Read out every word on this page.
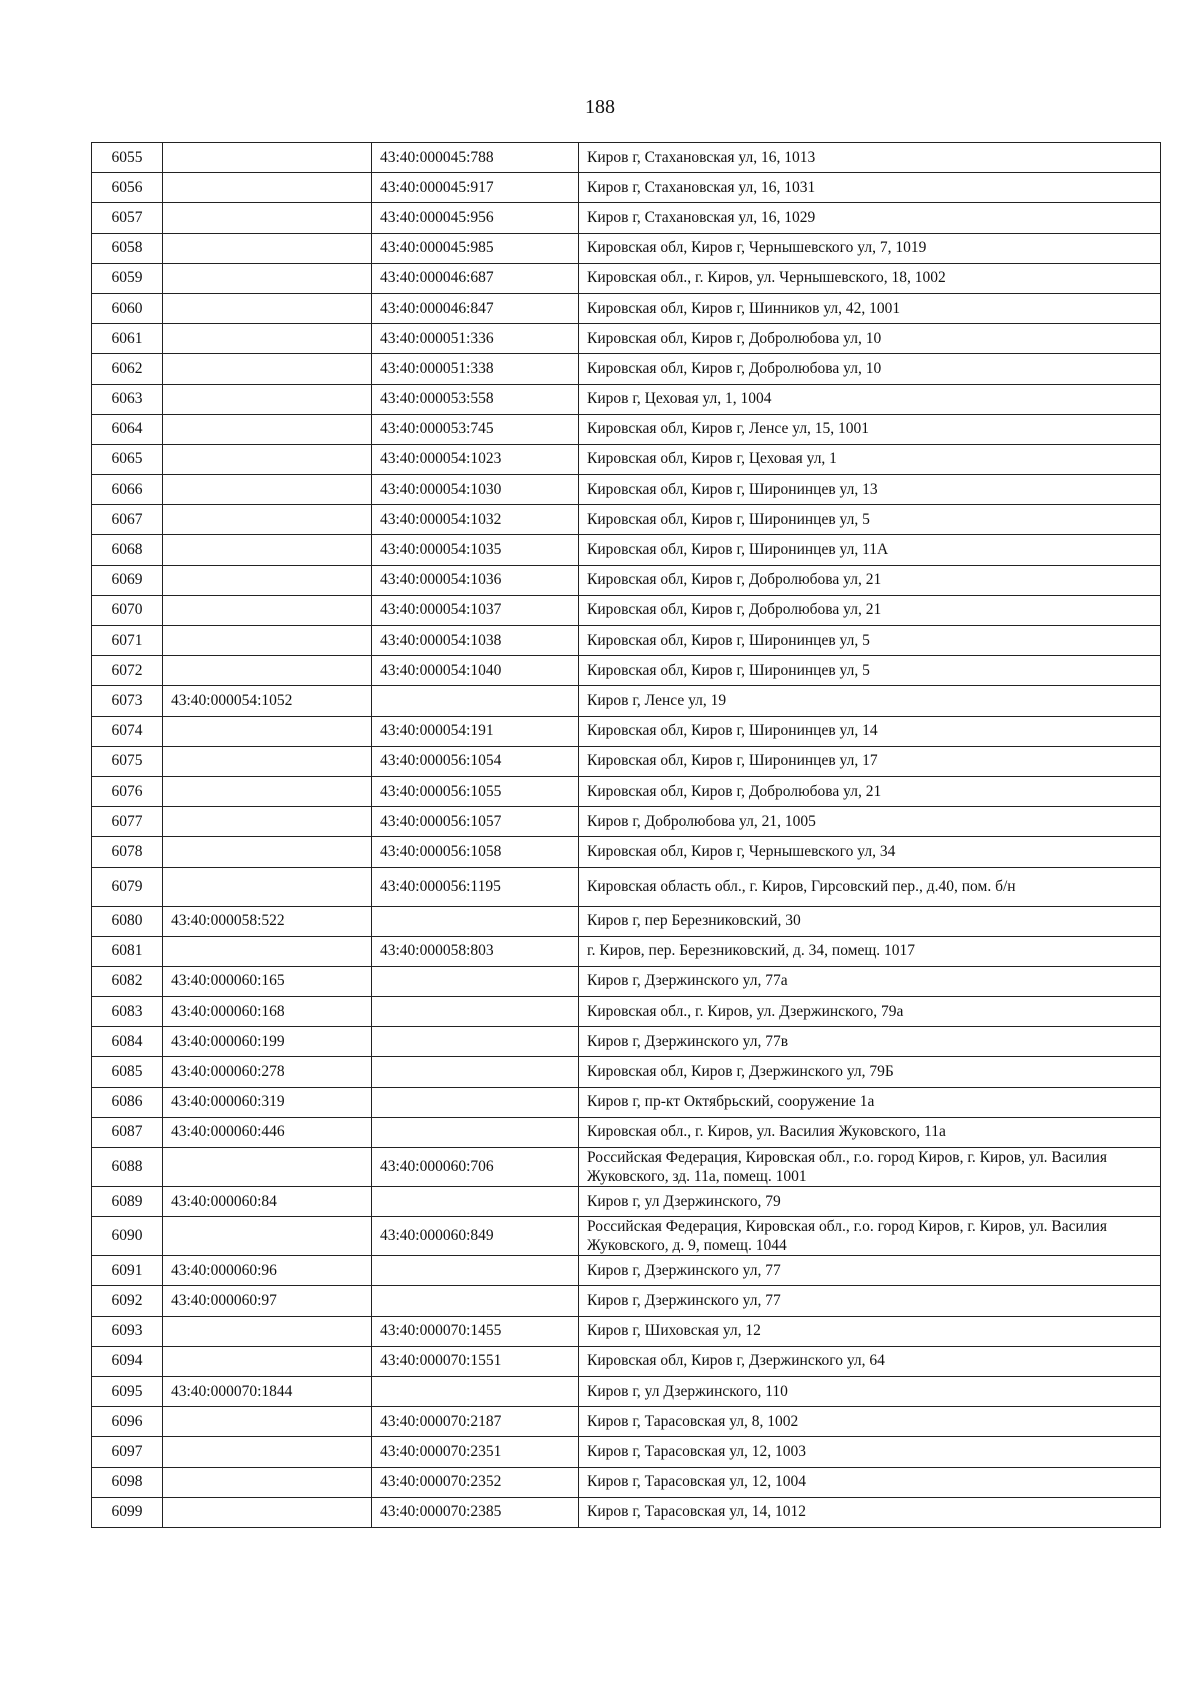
188
6055		43:40:000045:788	Киров г, Стахановская ул, 16, 1013
6056		43:40:000045:917	Киров г, Стахановская ул, 16, 1031
6057		43:40:000045:956	Киров г, Стахановская ул, 16, 1029
6058		43:40:000045:985	Кировская обл, Киров г, Чернышевского ул, 7, 1019
6059		43:40:000046:687	Кировская обл., г. Киров, ул. Чернышевского, 18, 1002
6060		43:40:000046:847	Кировская обл, Киров г, Шинников ул, 42, 1001
6061		43:40:000051:336	Кировская обл, Киров г, Добролюбова ул, 10
6062		43:40:000051:338	Кировская обл, Киров г, Добролюбова ул, 10
6063		43:40:000053:558	Киров г, Цеховая ул, 1, 1004
6064		43:40:000053:745	Кировская обл, Киров г, Ленсе ул, 15, 1001
6065		43:40:000054:1023	Кировская обл, Киров г, Цеховая ул, 1
6066		43:40:000054:1030	Кировская обл, Киров г, Широнинцев ул, 13
6067		43:40:000054:1032	Кировская обл, Киров г, Широнинцев ул, 5
6068		43:40:000054:1035	Кировская обл, Киров г, Широнинцев ул, 11А
6069		43:40:000054:1036	Кировская обл, Киров г, Добролюбова ул, 21
6070		43:40:000054:1037	Кировская обл, Киров г, Добролюбова ул, 21
6071		43:40:000054:1038	Кировская обл, Киров г, Широнинцев ул, 5
6072		43:40:000054:1040	Кировская обл, Киров г, Широнинцев ул, 5
6073	43:40:000054:1052		Киров г, Ленсе ул, 19
6074		43:40:000054:191	Кировская обл, Киров г, Широнинцев ул, 14
6075		43:40:000056:1054	Кировская обл, Киров г, Широнинцев ул, 17
6076		43:40:000056:1055	Кировская обл, Киров г, Добролюбова ул, 21
6077		43:40:000056:1057	Киров г, Добролюбова ул, 21, 1005
6078		43:40:000056:1058	Кировская обл, Киров г, Чернышевского ул, 34
6079		43:40:000056:1195	Кировская область обл., г. Киров, Гирсовский пер., д.40, пом. б/н
6080	43:40:000058:522		Киров г, пер Березниковский, 30
6081		43:40:000058:803	г. Киров, пер. Березниковский, д. 34, помещ. 1017
6082	43:40:000060:165		Киров г, Дзержинского ул, 77а
6083	43:40:000060:168		Кировская обл., г. Киров, ул. Дзержинского, 79а
6084	43:40:000060:199		Киров г, Дзержинского ул, 77в
6085	43:40:000060:278		Кировская обл, Киров г, Дзержинского ул, 79Б
6086	43:40:000060:319		Киров г, пр-кт Октябрьский, сооружение 1а
6087	43:40:000060:446		Кировская обл., г. Киров, ул. Василия Жуковского, 11а
6088		43:40:000060:706	Российская Федерация, Кировская обл., г.о. город Киров, г. Киров, ул. Василия Жуковского, зд. 11а, помещ. 1001
6089	43:40:000060:84		Киров г, ул Дзержинского, 79
6090		43:40:000060:849	Российская Федерация, Кировская обл., г.о. город Киров, г. Киров, ул. Василия Жуковского, д. 9, помещ. 1044
6091	43:40:000060:96		Киров г, Дзержинского ул, 77
6092	43:40:000060:97		Киров г, Дзержинского ул, 77
6093		43:40:000070:1455	Киров г, Шиховская ул, 12
6094		43:40:000070:1551	Кировская обл, Киров г, Дзержинского ул, 64
6095	43:40:000070:1844		Киров г, ул Дзержинского, 110
6096		43:40:000070:2187	Киров г, Тарасовская ул, 8, 1002
6097		43:40:000070:2351	Киров г, Тарасовская ул, 12, 1003
6098		43:40:000070:2352	Киров г, Тарасовская ул, 12, 1004
6099		43:40:000070:2385	Киров г, Тарасовская ул, 14, 1012
